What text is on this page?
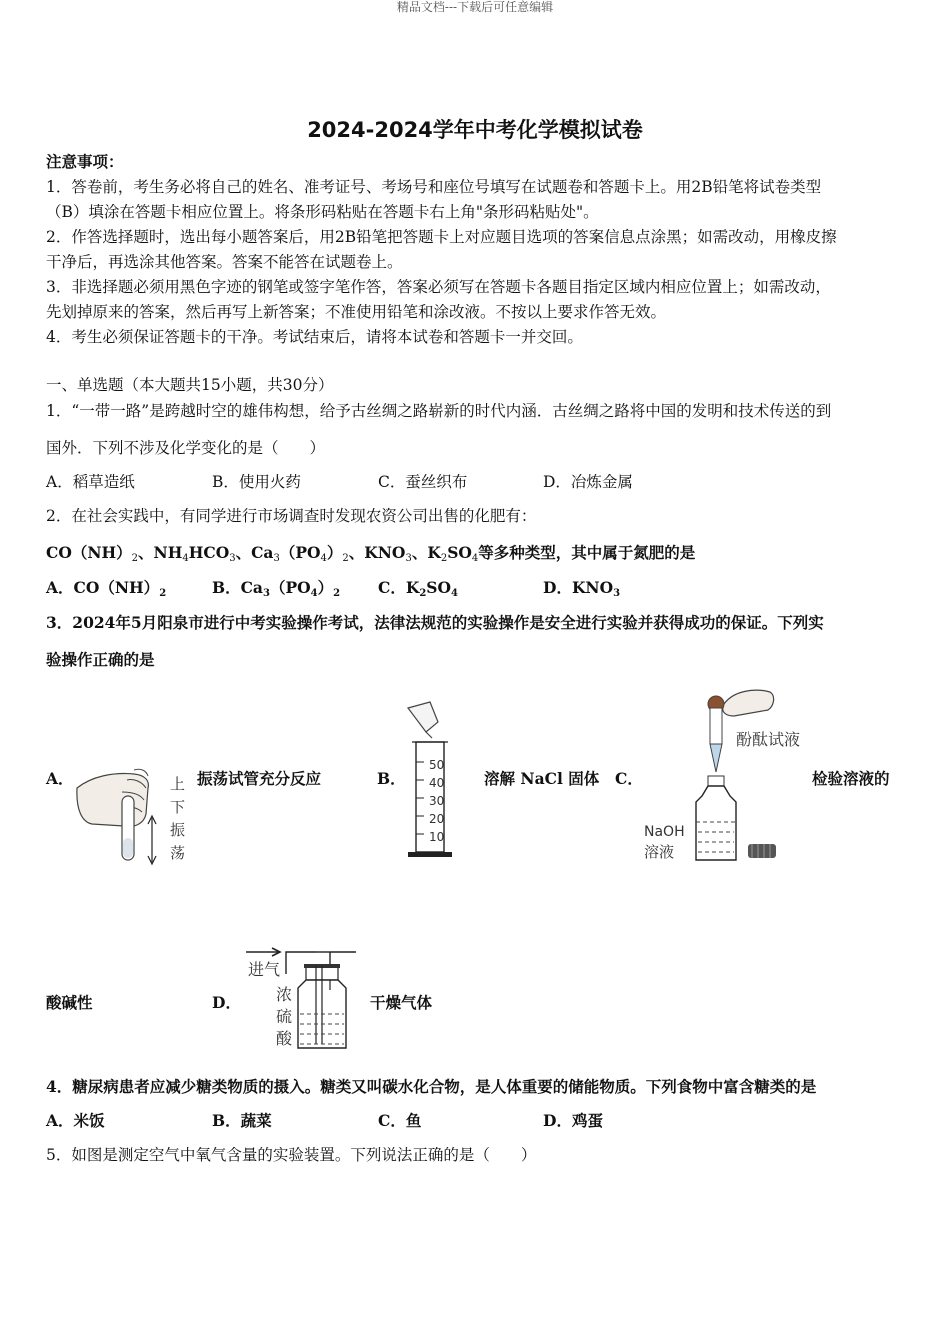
精品文档---下载后可任意编辑
2024-2024学年中考化学模拟试卷
注意事项：
1．答卷前，考生务必将自己的姓名、准考证号、考场号和座位号填写在试题卷和答题卡上。用2B铅笔将试卷类型
（B）填涂在答题卡相应位置上。将条形码粘贴在答题卡右上角"条形码粘贴处"。
2．作答选择题时，选出每小题答案后，用2B铅笔把答题卡上对应题目选项的答案信息点涂黑；如需改动，用橡皮擦
干净后，再选涂其他答案。答案不能答在试题卷上。
3．非选择题必须用黑色字迹的钢笔或签字笔作答，答案必须写在答题卡各题目指定区域内相应位置上；如需改动，
先划掉原来的答案，然后再写上新答案；不准使用铅笔和涂改液。不按以上要求作答无效。
4．考生必须保证答题卡的干净。考试结束后，请将本试卷和答题卡一并交回。
一、单选题（本大题共15小题，共30分）
1．“一带一路”是跨越时空的雄伟构想，给予古丝绸之路崭新的时代内涵．古丝绸之路将中国的发明和技术传送的到
国外．下列不涉及化学变化的是（　　）
A．稻草造纸	B．使用火药	C．蚕丝织布	D．冶炼金属
2．在社会实践中，有同学进行市场调查时发现农资公司出售的化肥有：
$CO(NH)_2$、$NH_4HCO_3$、$Ca_3(PO_4)_2$、$KNO_3$、$K_2SO_4$等多种类型，其中属于氮肥的是
A．$CO(NH)_2$	B．$Ca_3(PO_4)_2$ C．$K_2SO_4$	D．$KNO_3$
3．2024年5月阳泉市进行中考实验操作考试，法律法规范的实验操作是安全进行实验并获得成功的保证。下列实
验操作正确的是
A．	上
下
振
荡
振荡试管充分反应	B．
50
40
30
20
10
溶解 NaCl 固体 C．
酚酞试液
NaOH
溶液
检验溶液的
酸碱性	D．
进气
浓
硫
酸
干燥气体
4．糖尿病患者应减少糖类物质的摄入。糖类又叫碳水化合物，是人体重要的储能物质。下列食物中富含糖类的是
A．米饭	B．蔬菜	C．鱼	D．鸡蛋
5．如图是测定空气中氧气含量的实验装置。下列说法正确的是（　　）
